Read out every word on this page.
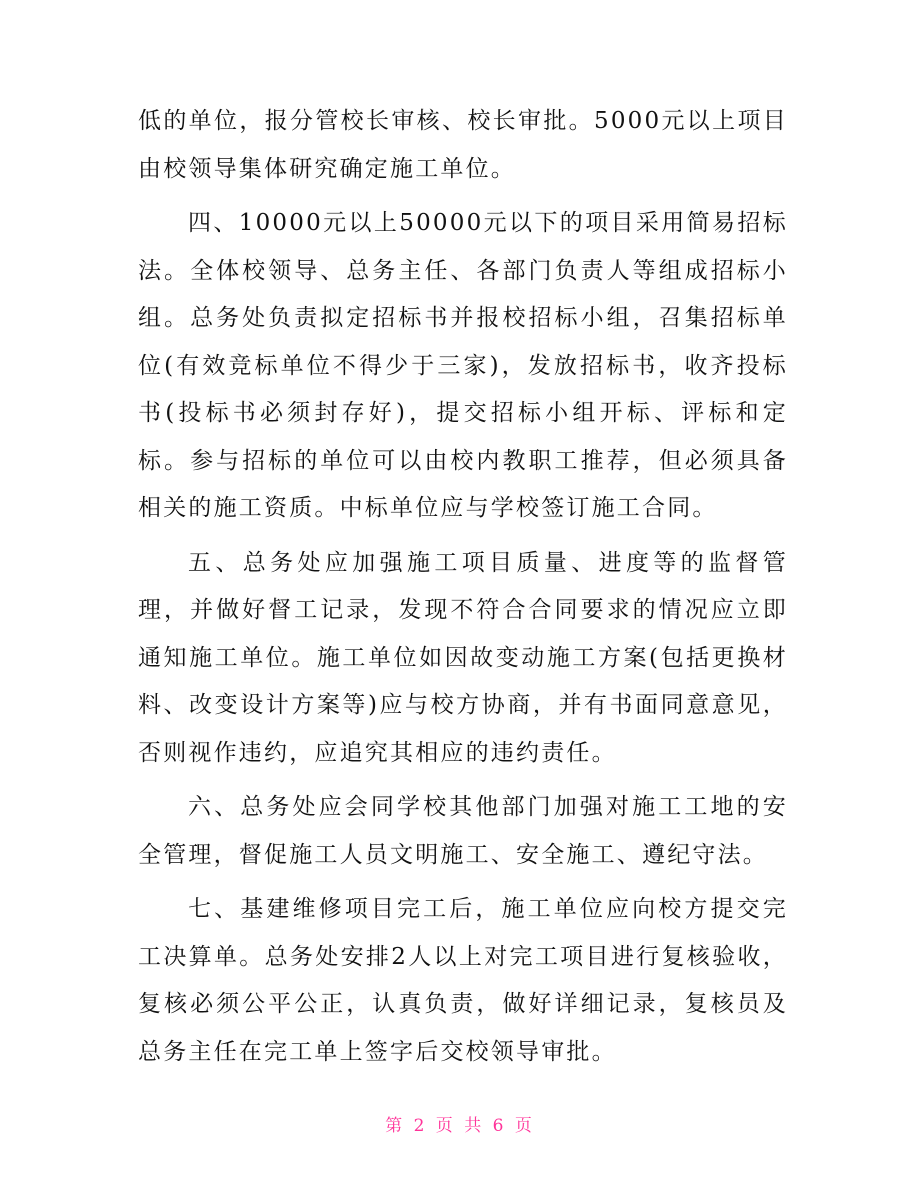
低的单位，报分管校长审核、校长审批。5000元以上项目由校领导集体研究确定施工单位。

四、10000元以上50000元以下的项目采用简易招标法。全体校领导、总务主任、各部门负责人等组成招标小组。总务处负责拟定招标书并报校招标小组，召集招标单位(有效竞标单位不得少于三家)，发放招标书，收齐投标书(投标书必须封存好)，提交招标小组开标、评标和定标。参与招标的单位可以由校内教职工推荐，但必须具备相关的施工资质。中标单位应与学校签订施工合同。

五、总务处应加强施工项目质量、进度等的监督管理，并做好督工记录，发现不符合合同要求的情况应立即通知施工单位。施工单位如因故变动施工方案(包括更换材料、改变设计方案等)应与校方协商，并有书面同意意见，否则视作违约，应追究其相应的违约责任。

六、总务处应会同学校其他部门加强对施工工地的安全管理，督促施工人员文明施工、安全施工、遵纪守法。

七、基建维修项目完工后，施工单位应向校方提交完工决算单。总务处安排2人以上对完工项目进行复核验收，复核必须公平公正，认真负责，做好详细记录，复核员及总务主任在完工单上签字后交校领导审批。

第 2 页 共 6 页
